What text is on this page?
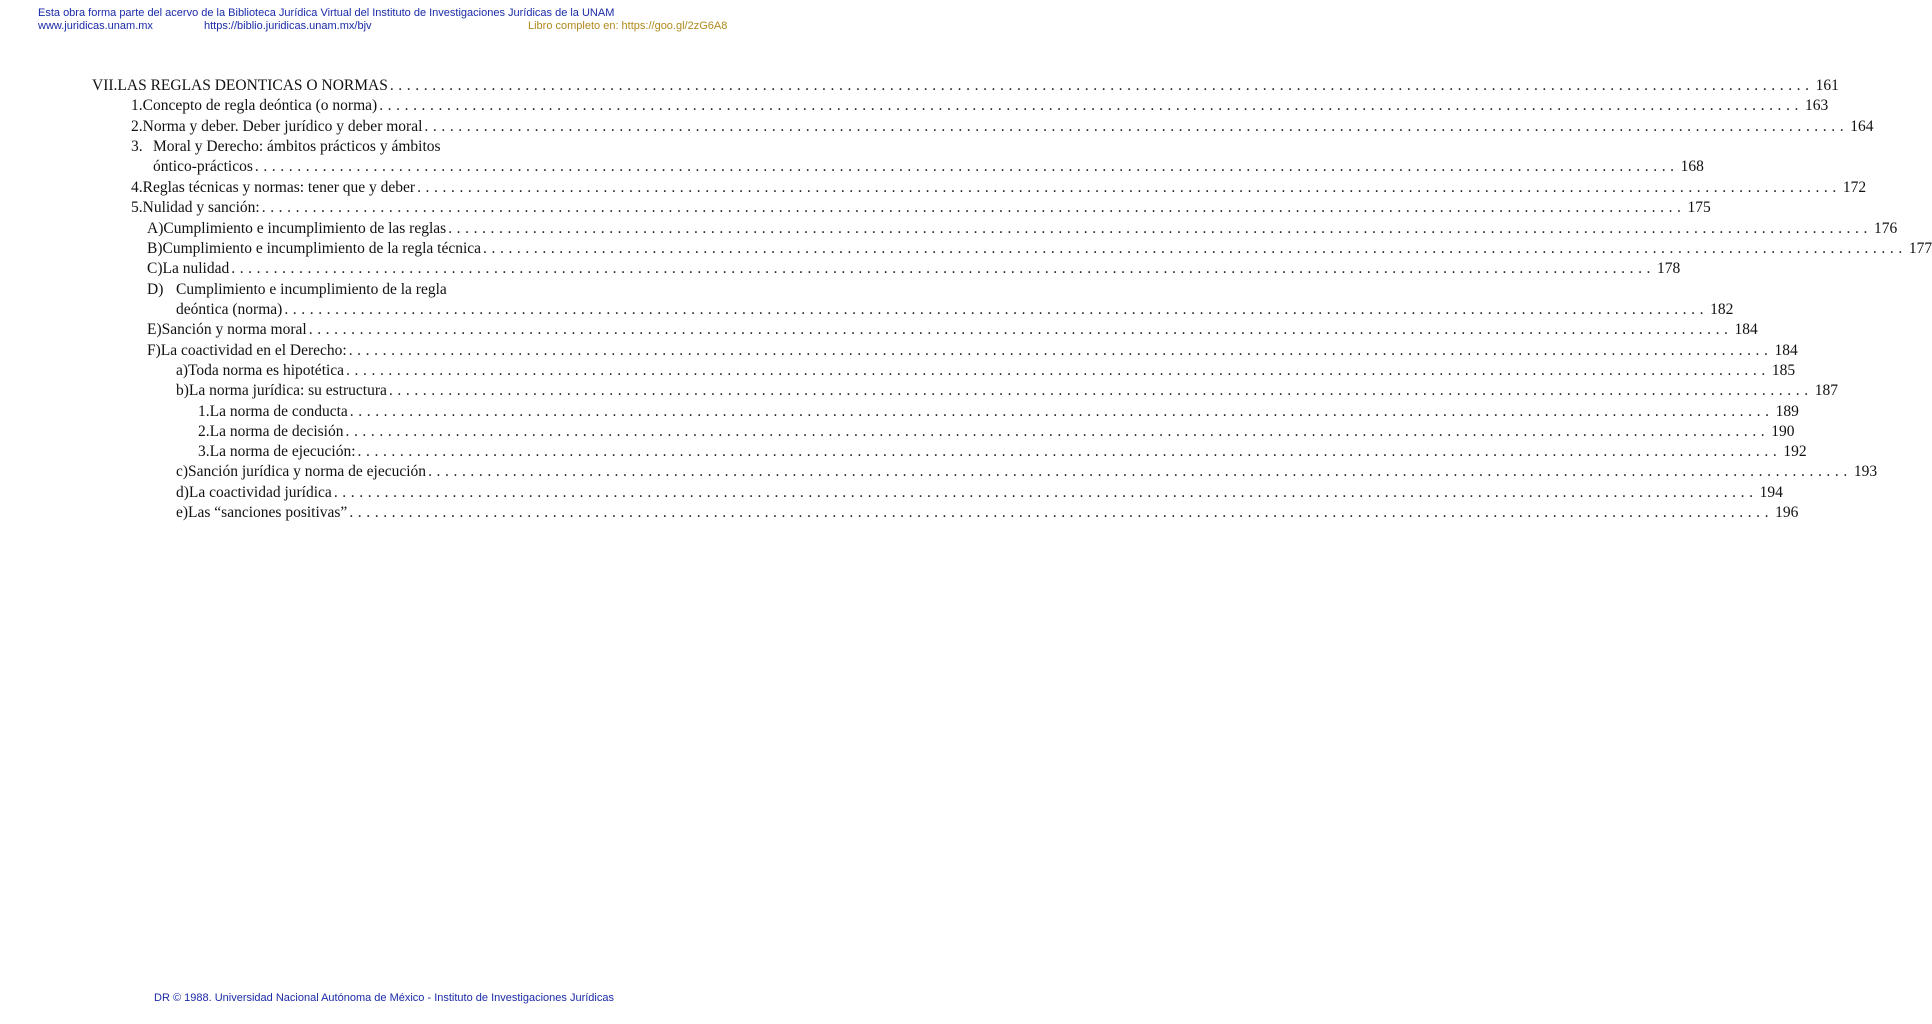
Esta obra forma parte del acervo de la Biblioteca Jurídica Virtual del Instituto de Investigaciones Jurídicas de la UNAM
www.juridicas.unam.mx	https://biblio.juridicas.unam.mx/bjv	Libro completo en: https://goo.gl/2zG6A8
VII. LAS REGLAS DEONTICAS O NORMAS .....	161
1. Concepto de regla deóntica (o norma) .....	163
2. Norma y deber. Deber jurídico y deber moral .....	164
3. Moral y Derecho: ámbitos prácticos y ámbitos
óntico-prácticos .....	168
4. Reglas técnicas y normas: tener que y deber .....	172
5. Nulidad y sanción: .....	175
A) Cumplimiento e incumplimiento de las reglas .....	176
B) Cumplimiento e incumplimiento de la regla técnica .....	177
C) La nulidad .....	178
D) Cumplimiento e incumplimiento de la regla
deóntica (norma) .....	182
E) Sanción y norma moral .....	184
F) La coactividad en el Derecho: .....	184
a) Toda norma es hipotética .....	185
b) La norma jurídica: su estructura .....	187
1. La norma de conducta .....	189
2. La norma de decisión .....	190
3. La norma de ejecución: .....	192
c) Sanción jurídica y norma de ejecución .....	193
d) La coactividad jurídica .....	194
e) Las “sanciones positivas” .....	196
DR © 1988. Universidad Nacional Autónoma de México - Instituto de Investigaciones Jurídicas
